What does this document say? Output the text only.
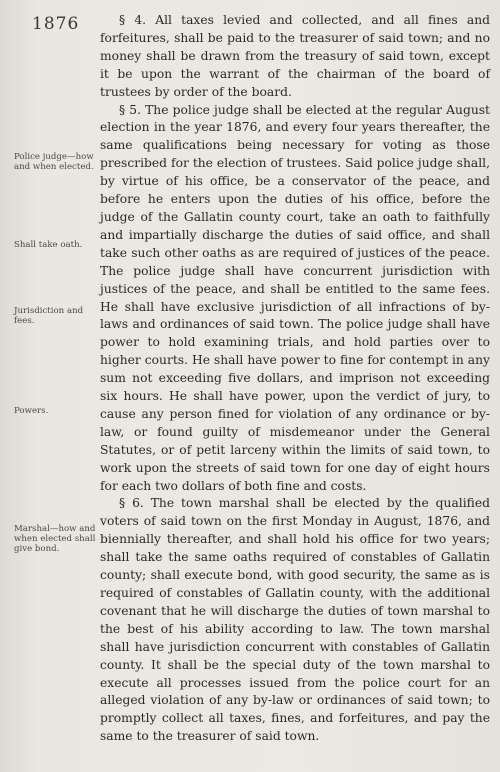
1876
Police judge—how and when elected.
Shall take oath.
Jurisdiction and fees.
Powers.
Marshal—how and when elected shall give bond.

§ 4. All taxes levied and collected, and all fines and forfeitures, shall be paid to the treasurer of said town; and no money shall be drawn from the treasury of said town, except it be upon the warrant of the chairman of the board of trustees by order of the board.

§ 5. The police judge shall be elected at the regular August election in the year 1876, and every four years thereafter, the same qualifications being necessary for voting as those prescribed for the election of trustees. Said police judge shall, by virtue of his office, be a conservator of the peace, and before he enters upon the duties of his office, before the judge of the Gallatin county court, take an oath to faithfully and impartially discharge the duties of said office, and shall take such other oaths as are required of justices of the peace. The police judge shall have concurrent jurisdiction with justices of the peace, and shall be entitled to the same fees. He shall have exclusive jurisdiction of all infractions of by-laws and ordinances of said town. The police judge shall have power to hold examining trials, and hold parties over to higher courts. He shall have power to fine for contempt in any sum not exceeding five dollars, and imprison not exceeding six hours. He shall have power, upon the verdict of jury, to cause any person fined for violation of any ordinance or by-law, or found guilty of misdemeanor under the General Statutes, or of petit larceny within the limits of said town, to work upon the streets of said town for one day of eight hours for each two dollars of both fine and costs.

§ 6. The town marshal shall be elected by the qualified voters of said town on the first Monday in August, 1876, and biennially thereafter, and shall hold his office for two years; shall take the same oaths required of constables of Gallatin county; shall execute bond, with good security, the same as is required of constables of Gallatin county, with the additional covenant that he will discharge the duties of town marshal to the best of his ability according to law. The town marshal shall have jurisdiction concurrent with constables of Gallatin county. It shall be the special duty of the town marshal to execute all processes issued from the police court for an alleged violation of any by-law or ordinances of said town; to promptly collect all taxes, fines, and forfeitures, and pay the same to the treasurer of said town.
